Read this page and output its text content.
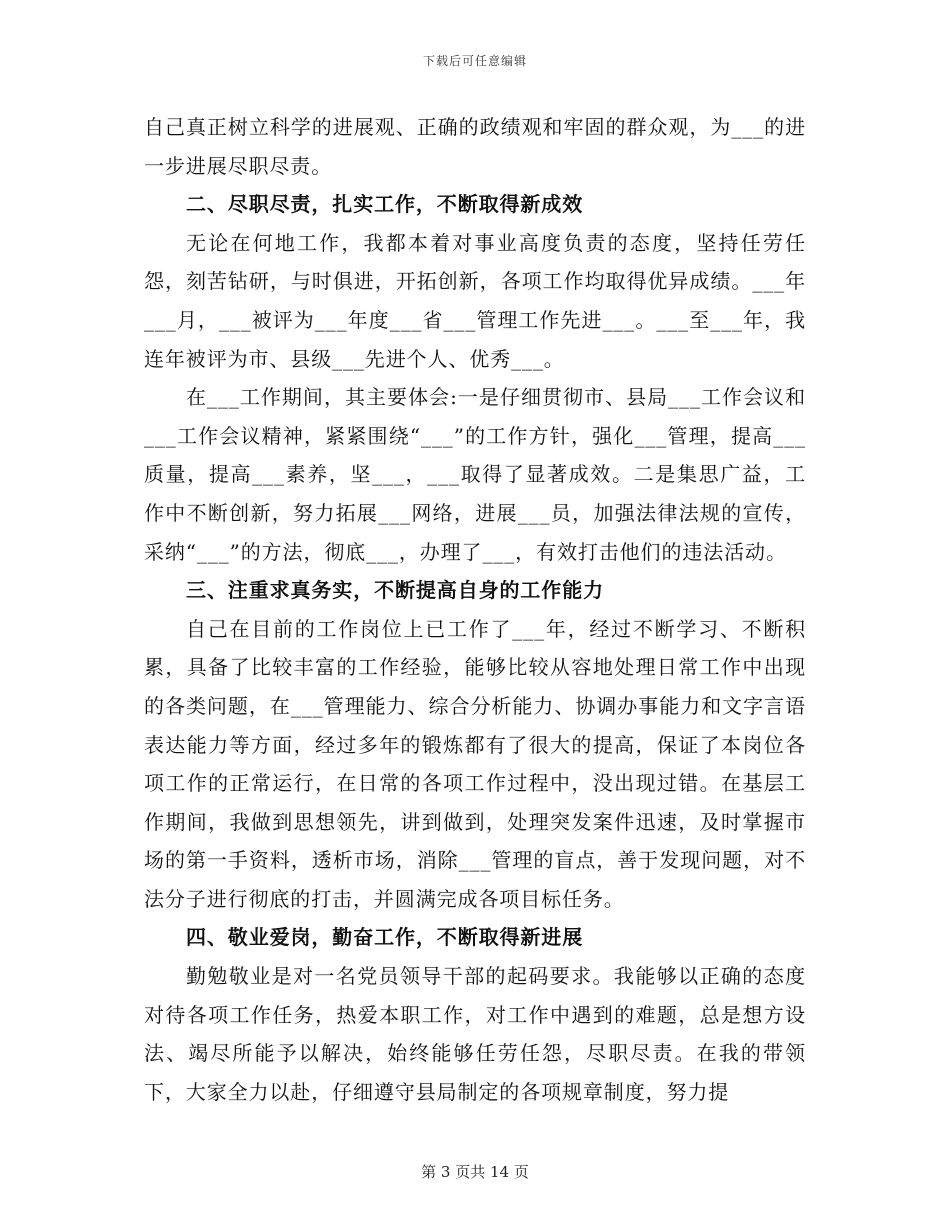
下载后可任意编辑

自己真正树立科学的进展观、正确的政绩观和牢固的群众观，为___的进一步进展尽职尽责。

二、尽职尽责，扎实工作，不断取得新成效

无论在何地工作，我都本着对事业高度负责的态度，坚持任劳任怨，刻苦钻研，与时俱进，开拓创新，各项工作均取得优异成绩。___年___月，___被评为___年度___省___管理工作先进___。___至___年，我连年被评为市、县级___先进个人、优秀___。

在___工作期间，其主要体会:一是仔细贯彻市、县局___工作会议和___工作会议精神，紧紧围绕“___”的工作方针，强化___管理，提高___质量，提高___素养，坚___，___取得了显著成效。二是集思广益，工作中不断创新，努力拓展___网络，进展___员，加强法律法规的宣传，采纳“___”的方法，彻底___，办理了___，有效打击他们的违法活动。

三、注重求真务实，不断提高自身的工作能力

自己在目前的工作岗位上已工作了___年，经过不断学习、不断积累，具备了比较丰富的工作经验，能够比较从容地处理日常工作中出现的各类问题，在___管理能力、综合分析能力、协调办事能力和文字言语表达能力等方面，经过多年的锻炼都有了很大的提高，保证了本岗位各项工作的正常运行，在日常的各项工作过程中，没出现过错。在基层工作期间，我做到思想领先，讲到做到，处理突发案件迅速，及时掌握市场的第一手资料，透析市场，消除___管理的盲点，善于发现问题，对不法分子进行彻底的打击，并圆满完成各项目标任务。

四、敬业爱岗，勤奋工作，不断取得新进展

勤勉敬业是对一名党员领导干部的起码要求。我能够以正确的态度对待各项工作任务，热爱本职工作，对工作中遇到的难题，总是想方设法、竭尽所能予以解决，始终能够任劳任怨，尽职尽责。在我的带领下，大家全力以赴，仔细遵守县局制定的各项规章制度，努力提

第 3 页共 14 页
